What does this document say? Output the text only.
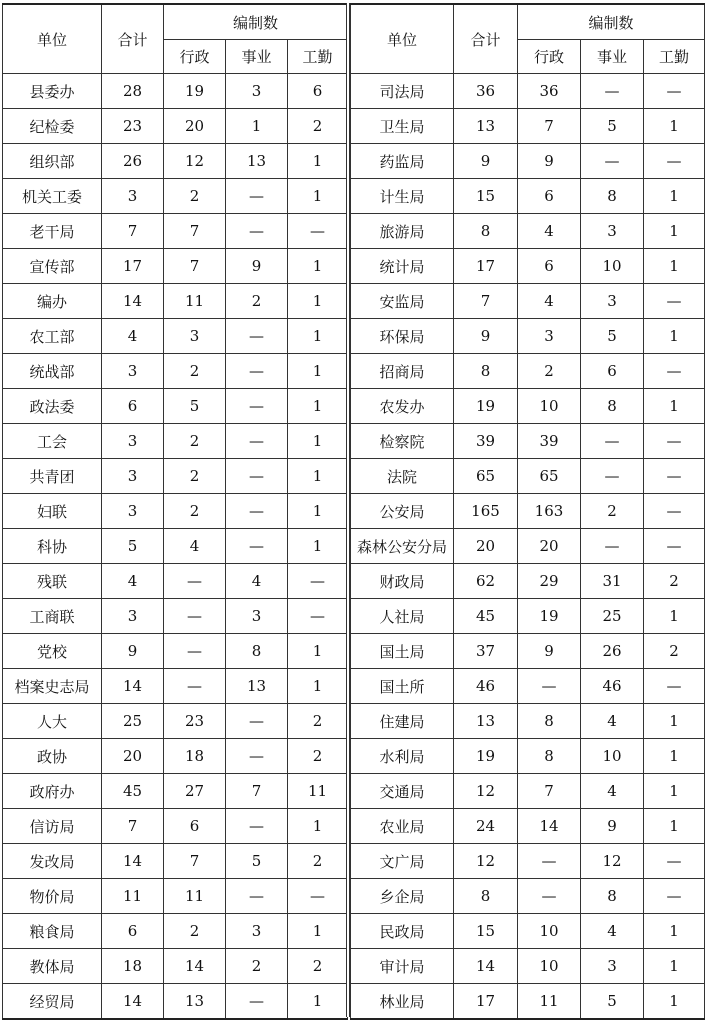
单位	合计	编制数		
		行政	事业	工勤
县委办	28	19	3	6
纪检委	23	20	1	2
组织部	26	12	13	1
机关工委	3	2	—	1
老干局	7	7	—	—
宣传部	17	7	9	1
编办	14	11	2	1
农工部	4	3	—	1
统战部	3	2	—	1
政法委	6	5	—	1
工会	3	2	—	1
共青团	3	2	—	1
妇联	3	2	—	1
科协	5	4	—	1
残联	4	—	4	—
工商联	3	—	3	—
党校	9	—	8	1
档案史志局	14	—	13	1
人大	25	23	—	2
政协	20	18	—	2
政府办	45	27	7	11
信访局	7	6	—	1
发改局	14	7	5	2
物价局	11	11	—	—
粮食局	6	2	3	1
教体局	18	14	2	2
经贸局	14	13	—	1
单位	合计	编制数		
		行政	事业	工勤
司法局	36	36	—	—
卫生局	13	7	5	1
药监局	9	9	—	—
计生局	15	6	8	1
旅游局	8	4	3	1
统计局	17	6	10	1
安监局	7	4	3	—
环保局	9	3	5	1
招商局	8	2	6	—
农发办	19	10	8	1
检察院	39	39	—	—
法院	65	65	—	—
公安局	165	163	2	—
森林公安分局	20	20	—	—
财政局	62	29	31	2
人社局	45	19	25	1
国土局	37	9	26	2
国土所	46	—	46	—
住建局	13	8	4	1
水利局	19	8	10	1
交通局	12	7	4	1
农业局	24	14	9	1
文广局	12	—	12	—
乡企局	8	—	8	—
民政局	15	10	4	1
审计局	14	10	3	1
林业局	17	11	5	1
